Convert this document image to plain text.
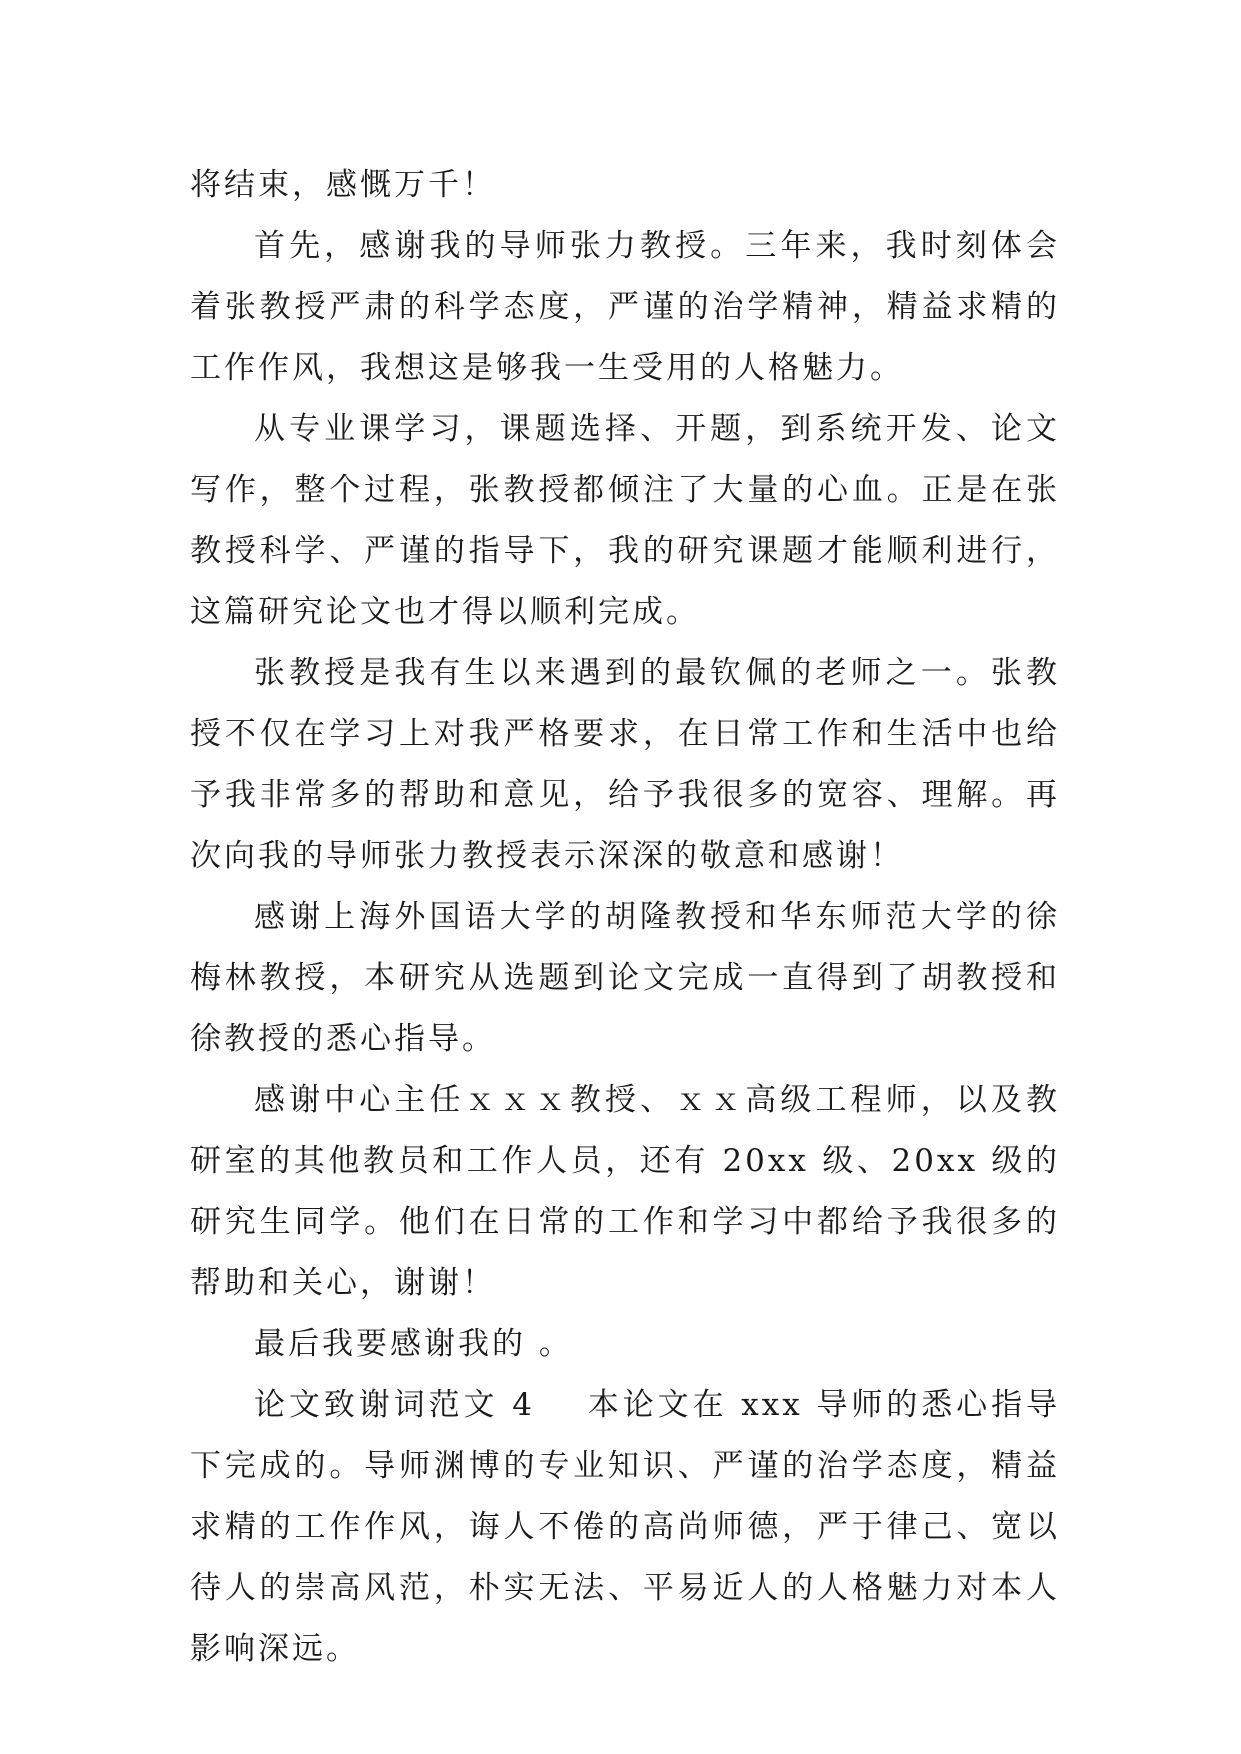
将结束，感慨万千！

首先，感谢我的导师张力教授。三年来，我时刻体会着张教授严肃的科学态度，严谨的治学精神，精益求精的工作作风，我想这是够我一生受用的人格魅力。

从专业课学习，课题选择、开题，到系统开发、论文写作，整个过程，张教授都倾注了大量的心血。正是在张教授科学、严谨的指导下，我的研究课题才能顺利进行，这篇研究论文也才得以顺利完成。

张教授是我有生以来遇到的最钦佩的老师之一。张教授不仅在学习上对我严格要求，在日常工作和生活中也给予我非常多的帮助和意见，给予我很多的宽容、理解。再次向我的导师张力教授表示深深的敬意和感谢！

感谢上海外国语大学的胡隆教授和华东师范大学的徐梅林教授，本研究从选题到论文完成一直得到了胡教授和徐教授的悉心指导。

感谢中心主任ｘｘｘ教授、ｘｘ高级工程师，以及教研室的其他教员和工作人员，还有 20xx 级、20xx 级的研究生同学。他们在日常的工作和学习中都给予我很多的帮助和关心，谢谢！

最后我要感谢我的 。

论文致谢词范文 4 本论文在 xxx 导师的悉心指导下完成的。导师渊博的专业知识、严谨的治学态度，精益求精的工作作风，诲人不倦的高尚师德，严于律己、宽以待人的崇高风范，朴实无法、平易近人的人格魅力对本人影响深远。
